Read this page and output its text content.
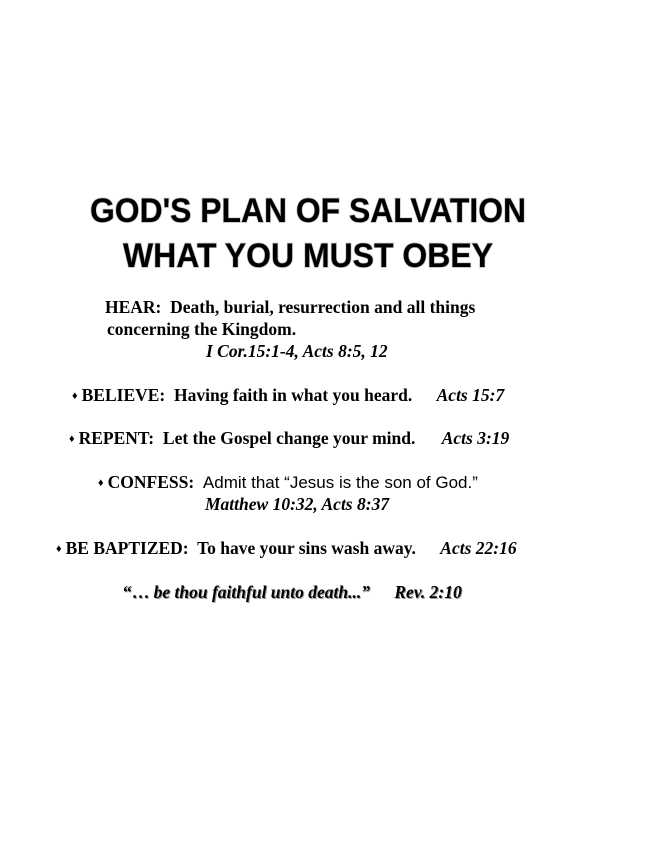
GOD'S PLAN OF SALVATION
WHAT YOU MUST OBEY
HEAR: Death, burial, resurrection and all things
concerning the Kingdom.
I Cor.15:1-4, Acts 8:5, 12
♦ BELIEVE: Having faith in what you heard. Acts 15:7
♦ REPENT: Let the Gospel change your mind. Acts 3:19
♦ CONFESS: Admit that “Jesus is the son of God.”
Matthew 10:32, Acts 8:37
♦ BE BAPTIZED: To have your sins wash away. Acts 22:16
“… be thou faithful unto death...” Rev. 2:10
